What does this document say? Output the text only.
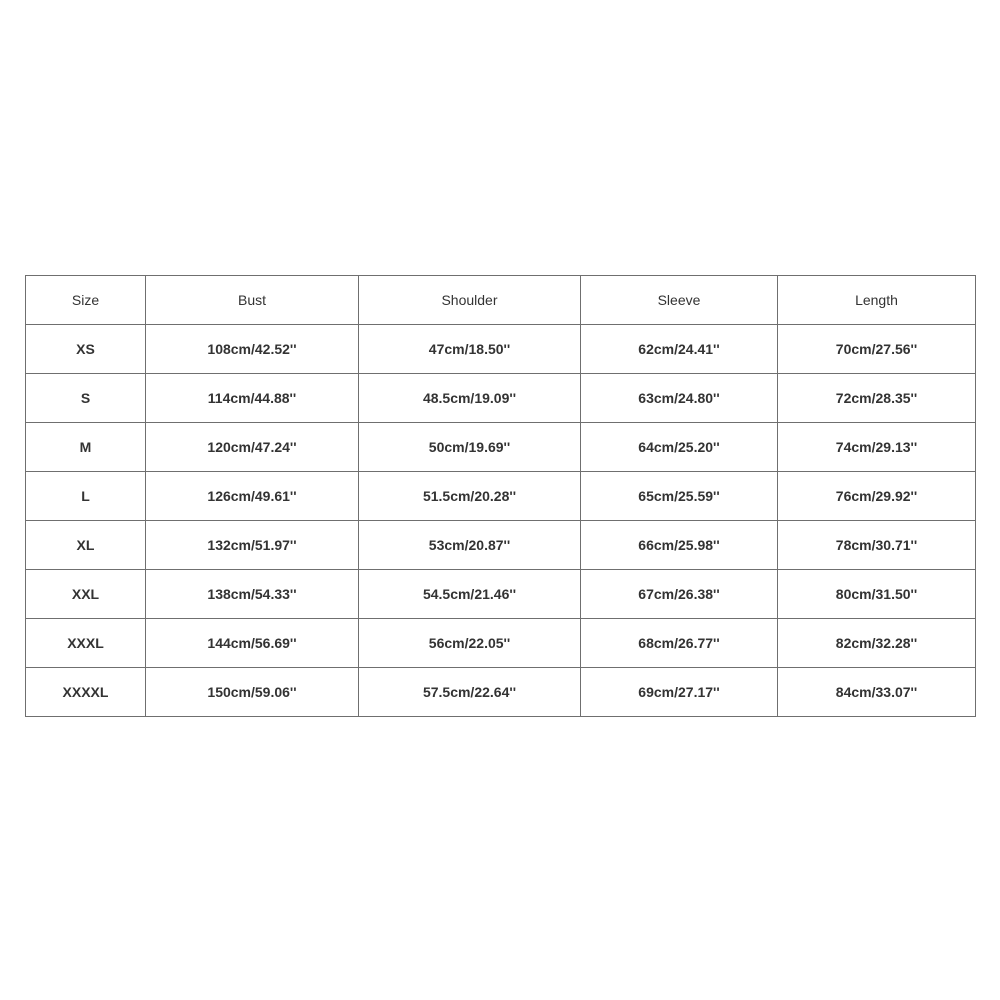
Size	Bust	Shoulder	Sleeve	Length
XS	108cm/42.52''	47cm/18.50''	62cm/24.41''	70cm/27.56''
S	114cm/44.88''	48.5cm/19.09''	63cm/24.80''	72cm/28.35''
M	120cm/47.24''	50cm/19.69''	64cm/25.20''	74cm/29.13''
L	126cm/49.61''	51.5cm/20.28''	65cm/25.59''	76cm/29.92''
XL	132cm/51.97''	53cm/20.87''	66cm/25.98''	78cm/30.71''
XXL	138cm/54.33''	54.5cm/21.46''	67cm/26.38''	80cm/31.50''
XXXL	144cm/56.69''	56cm/22.05''	68cm/26.77''	82cm/32.28''
XXXXL	150cm/59.06''	57.5cm/22.64''	69cm/27.17''	84cm/33.07''
